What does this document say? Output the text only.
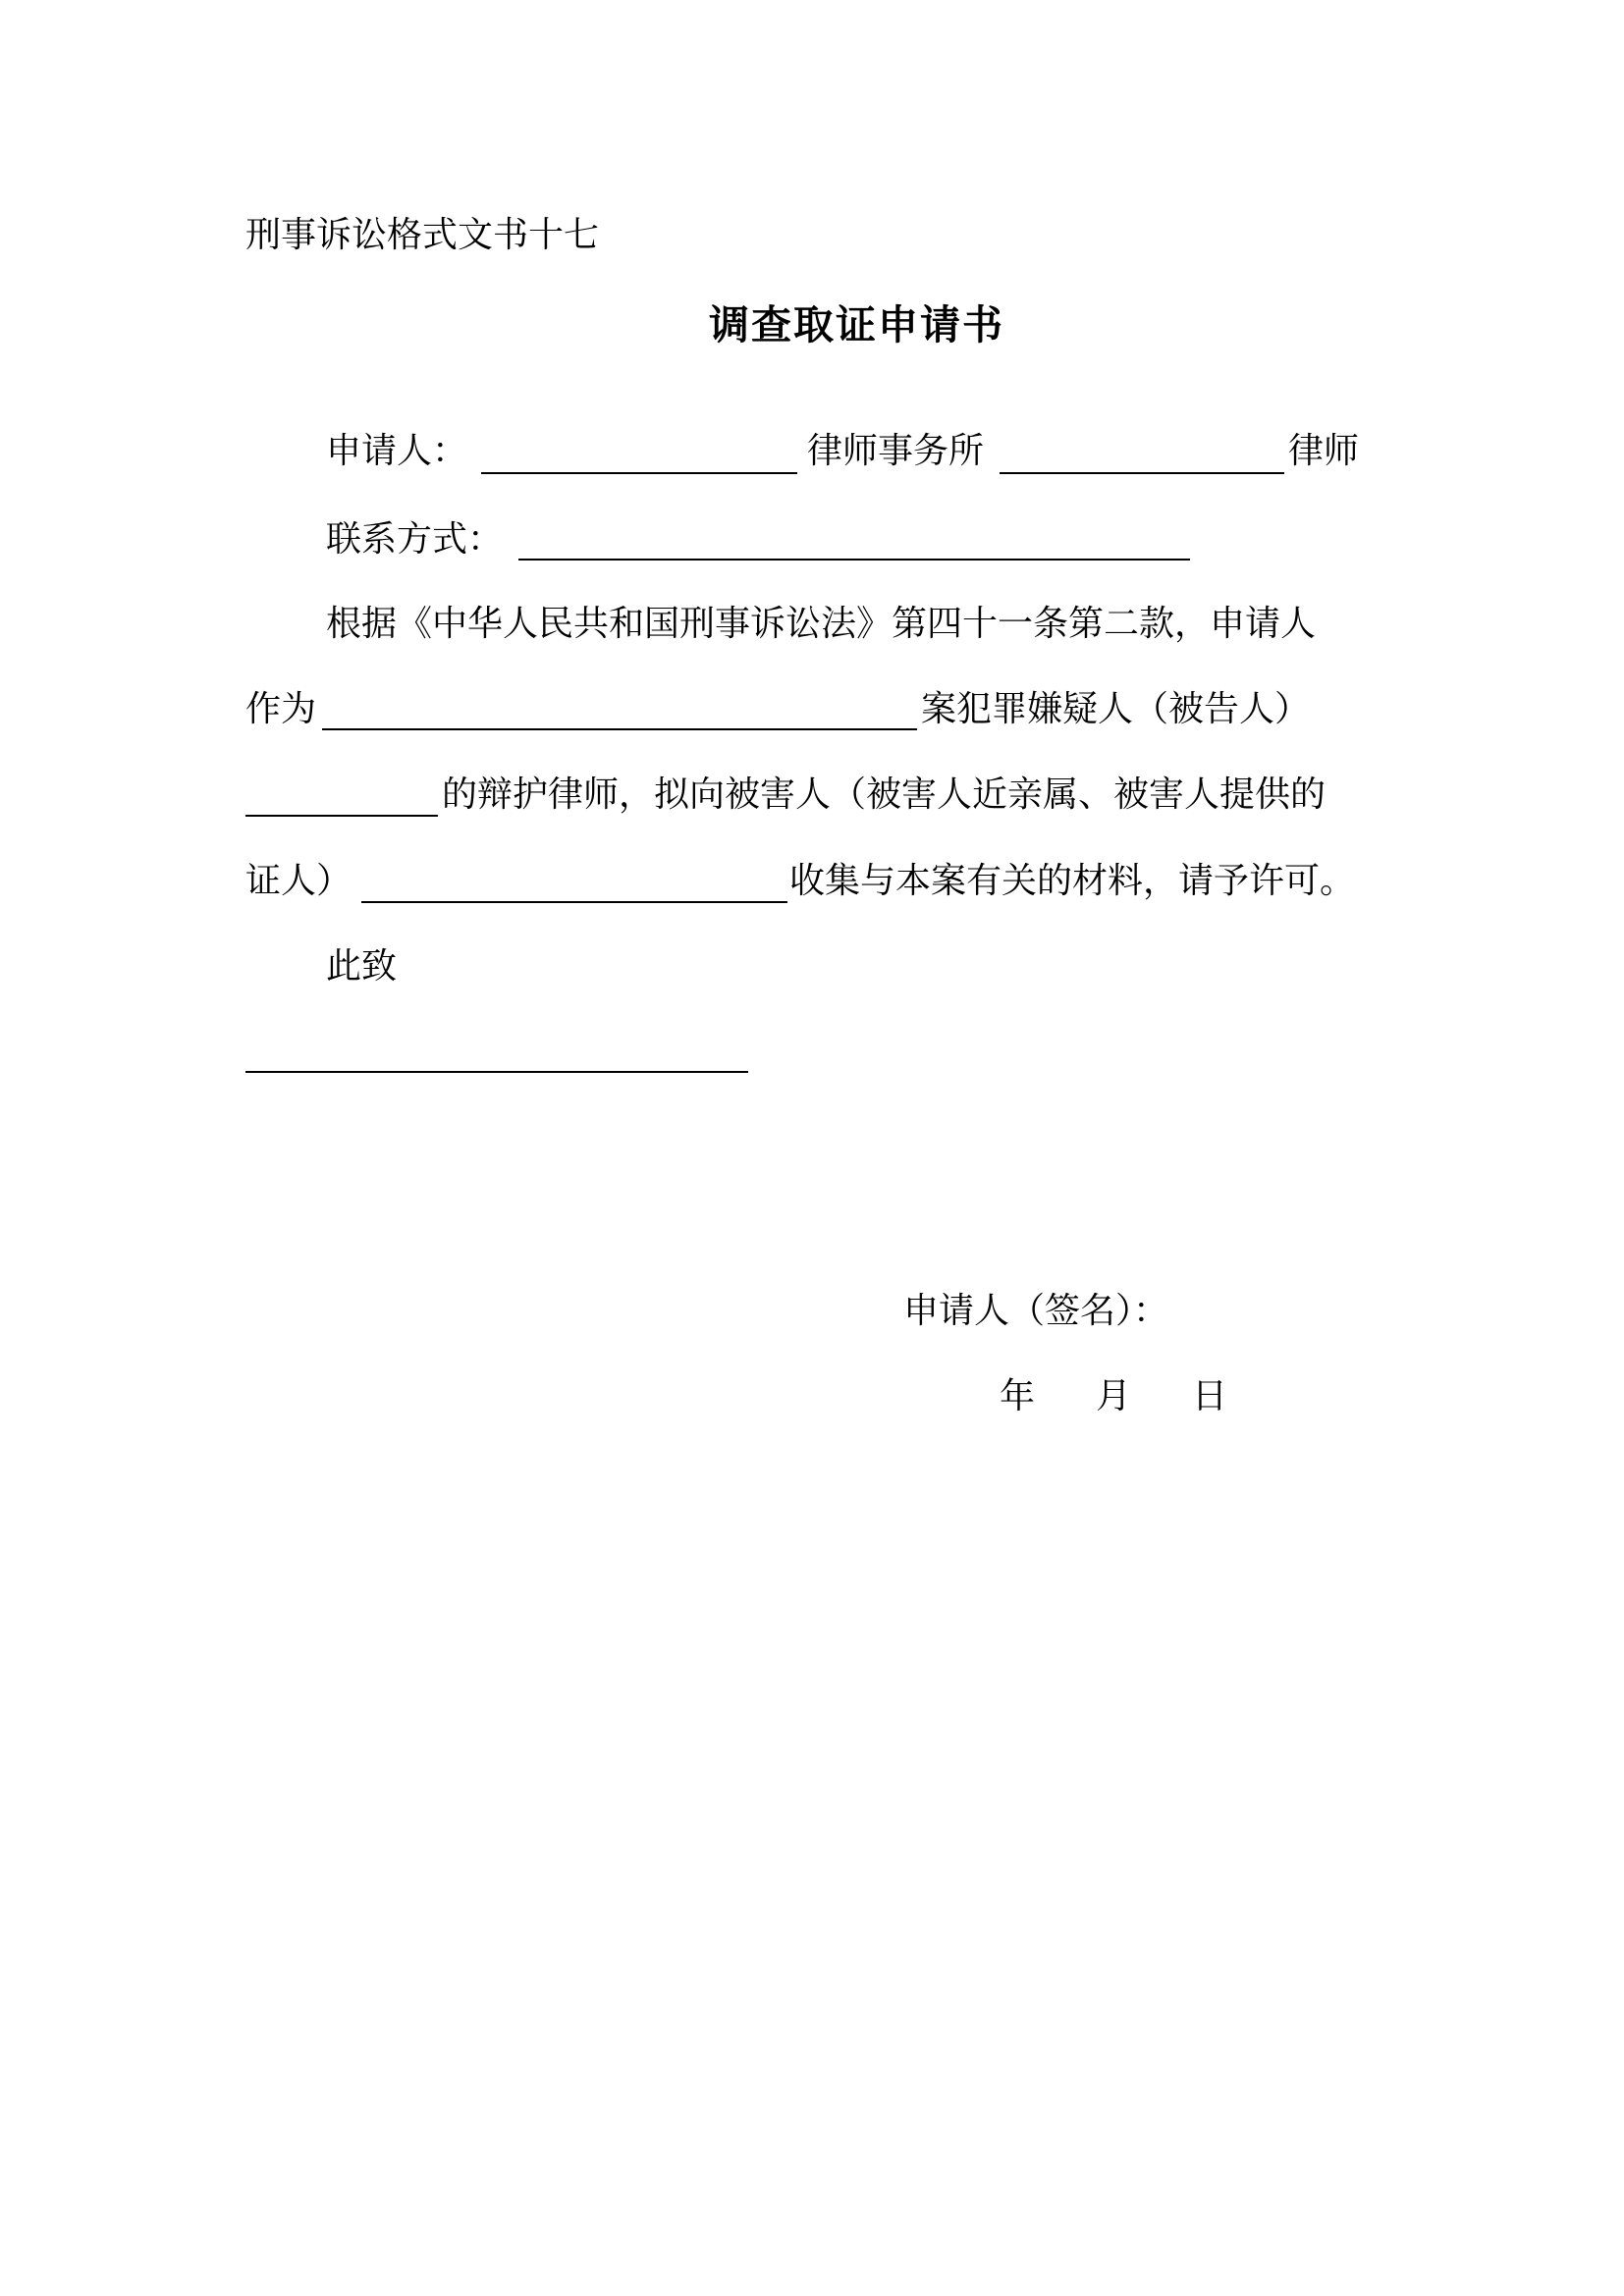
刑事诉讼格式文书十七
调查取证申请书
申请人：	律师事务所	律师
联系方式：
根据《中华人民共和国刑事诉讼法》第四十一条第二款，申请人
作为	案犯罪嫌疑人（被告人）
的辩护律师，拟向被害人（被害人近亲属、被害人提供的
证人）	收集与本案有关的材料，请予许可。
此致
申请人（签名）：
年 月 日
